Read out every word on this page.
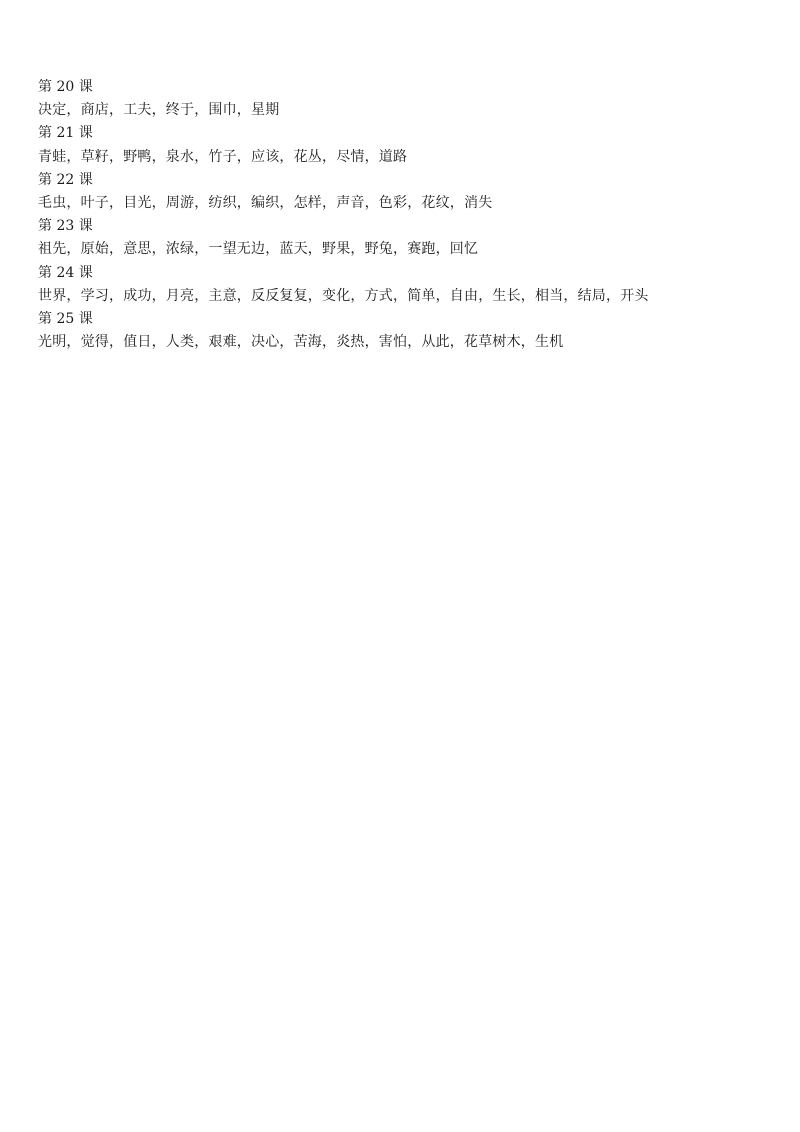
第 20 课
决定，商店，工夫，终于，围巾，星期
第 21 课
青蛙，草籽，野鸭，泉水，竹子，应该，花丛，尽情，道路
第 22 课
毛虫，叶子，目光，周游，纺织，编织，怎样，声音，色彩，花纹，消失
第 23 课
祖先，原始，意思，浓绿，一望无边，蓝天，野果，野兔，赛跑，回忆
第 24 课
世界，学习，成功，月亮，主意，反反复复，变化，方式，简单，自由，生长，相当，结局，开头
第 25 课
光明，觉得，值日，人类，艰难，决心，苦海，炎热，害怕，从此，花草树木，生机
